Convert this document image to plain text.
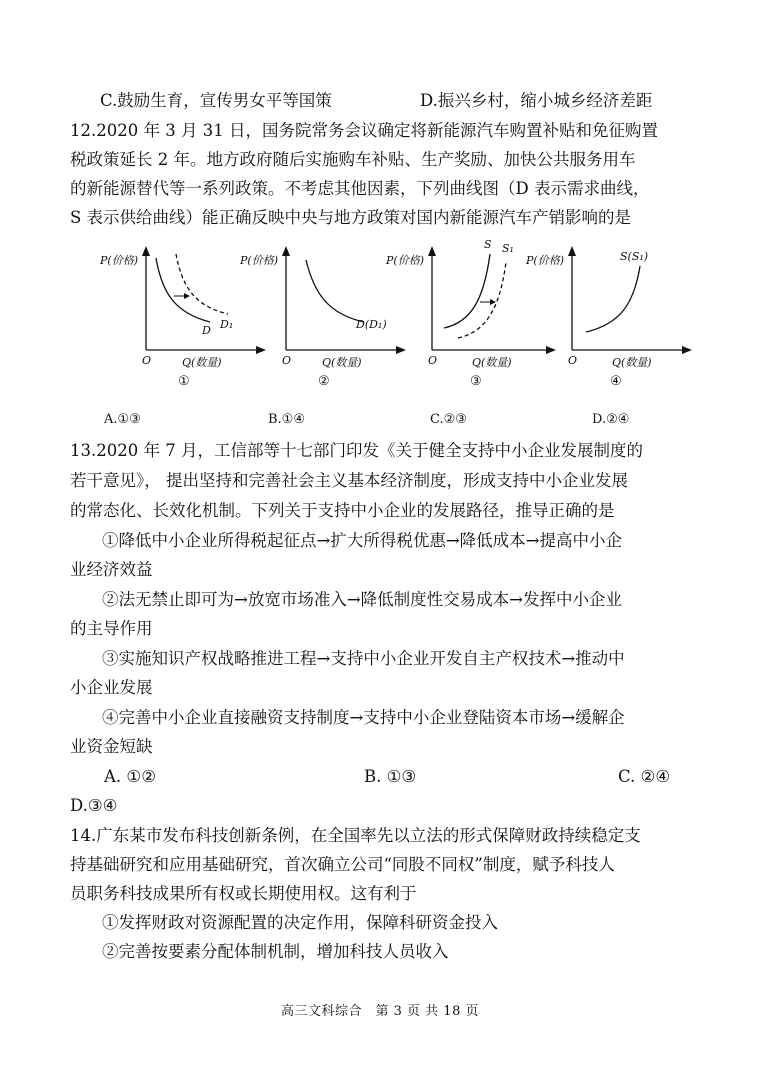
C.鼓励生育，宣传男女平等国策	D.振兴乡村，缩小城乡经济差距
12.2020 年 3 月 31 日，国务院常务会议确定将新能源汽车购置补贴和免征购置
税政策延长 2 年。地方政府随后实施购车补贴、生产奖励、加快公共服务用车
的新能源替代等一系列政策。不考虑其他因素，下列曲线图（D 表示需求曲线，
S 表示供给曲线）能正确反映中央与地方政策对国内新能源汽车产销影响的是
P(价格)
O	Q(数量)
D D₁
①
P(价格)
O	Q(数量)
D(D₁)
②
P(价格)
O	Q(数量)
S S₁
③
P(价格)
O	Q(数量)
S(S₁)
④
A.①③	B.①④	C.②③	D.②④
13.2020 年 7 月，工信部等十七部门印发《关于健全支持中小企业发展制度的
若干意见》， 提出坚持和完善社会主义基本经济制度，形成支持中小企业发展
的常态化、长效化机制。下列关于支持中小企业的发展路径，推导正确的是
①降低中小企业所得税起征点→扩大所得税优惠→降低成本→提高中小企
业经济效益
②法无禁止即可为→放宽市场准入→降低制度性交易成本→发挥中小企业
的主导作用
③实施知识产权战略推进工程→支持中小企业开发自主产权技术→推动中
小企业发展
④完善中小企业直接融资支持制度→支持中小企业登陆资本市场→缓解企
业资金短缺
A. ①②	B. ①③	C. ②④
D.③④
14.广东某市发布科技创新条例，在全国率先以立法的形式保障财政持续稳定支
持基础研究和应用基础研究，首次确立公司“同股不同权”制度，赋予科技人
员职务科技成果所有权或长期使用权。这有利于
①发挥财政对资源配置的决定作用，保障科研资金投入
②完善按要素分配体制机制，增加科技人员收入
高三文科综合　第 3 页 共 18 页
